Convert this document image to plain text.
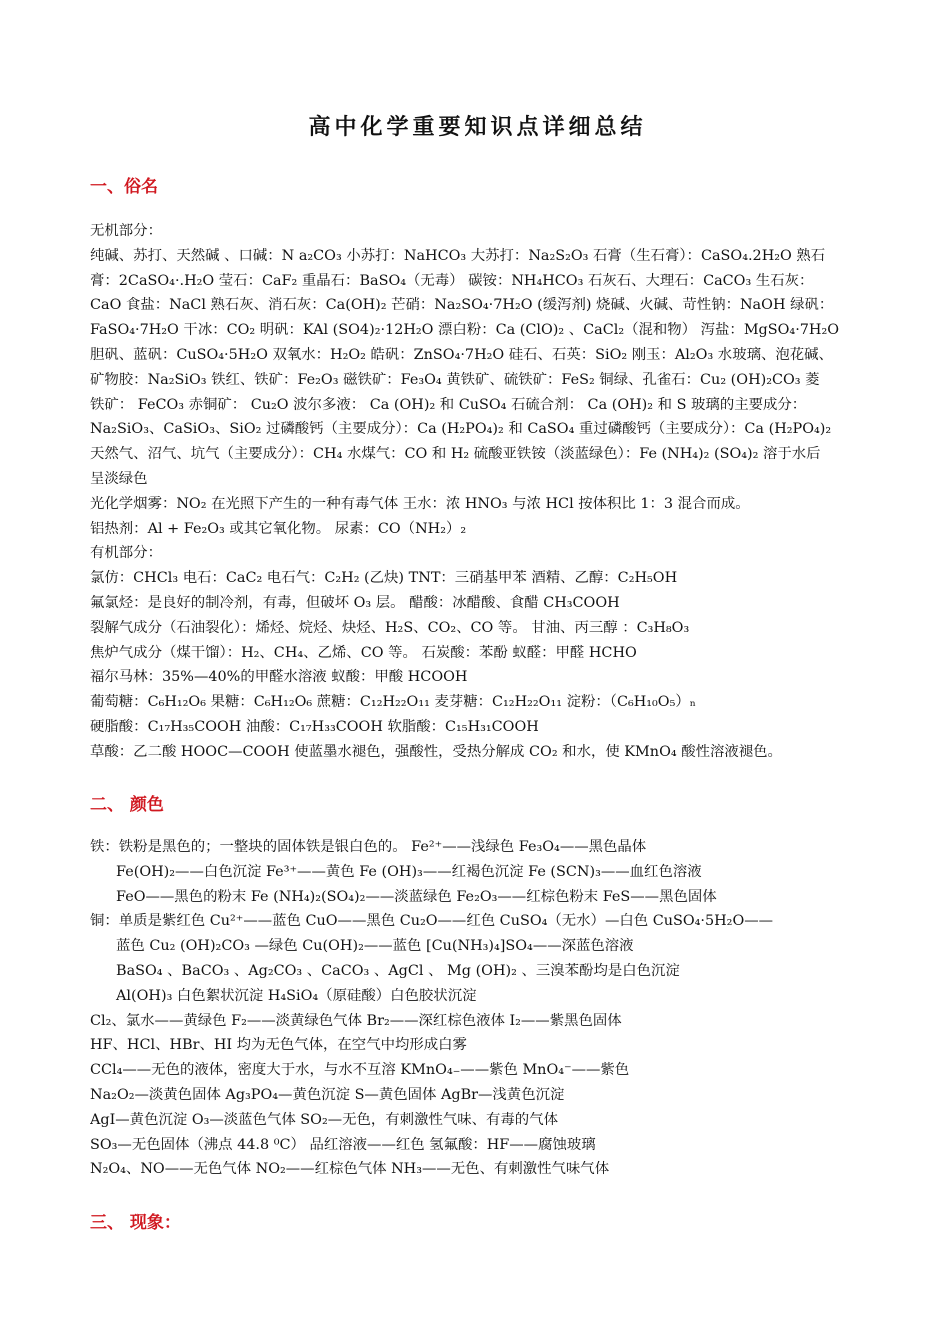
高中化学重要知识点详细总结
一、俗名
无机部分：
纯碱、苏打、天然碱 、口碱：N a₂CO₃ 小苏打：NaHCO₃ 大苏打：Na₂S₂O₃ 石膏（生石膏）：CaSO₄.2H₂O 熟石
膏：2CaSO₄·.H₂O 莹石：CaF₂ 重晶石：BaSO₄（无毒） 碳铵：NH₄HCO₃ 石灰石、大理石：CaCO₃ 生石灰：
CaO 食盐：NaCl 熟石灰、消石灰：Ca(OH)₂ 芒硝：Na₂SO₄·7H₂O (缓泻剂) 烧碱、火碱、苛性钠：NaOH 绿矾：
FaSO₄·7H₂O 干冰：CO₂ 明矾：KAl (SO4)₂·12H₂O 漂白粉：Ca (ClO)₂ 、CaCl₂（混和物） 泻盐：MgSO₄·7H₂O
胆矾、蓝矾：CuSO₄·5H₂O 双氧水：H₂O₂ 皓矾：ZnSO₄·7H₂O 硅石、石英：SiO₂ 刚玉：Al₂O₃ 水玻璃、泡花碱、
矿物胶：Na₂SiO₃ 铁红、铁矿：Fe₂O₃ 磁铁矿：Fe₃O₄ 黄铁矿、硫铁矿：FeS₂ 铜绿、孔雀石：Cu₂ (OH)₂CO₃ 菱
铁矿： FeCO₃ 赤铜矿： Cu₂O 波尔多液： Ca (OH)₂ 和 CuSO₄ 石硫合剂： Ca (OH)₂ 和 S 玻璃的主要成分：
Na₂SiO₃、CaSiO₃、SiO₂ 过磷酸钙（主要成分）：Ca (H₂PO₄)₂ 和 CaSO₄ 重过磷酸钙（主要成分）：Ca (H₂PO₄)₂
天然气、沼气、坑气（主要成分）：CH₄ 水煤气：CO 和 H₂ 硫酸亚铁铵（淡蓝绿色）：Fe (NH₄)₂ (SO₄)₂ 溶于水后
呈淡绿色
光化学烟雾：NO₂ 在光照下产生的一种有毒气体 王水：浓 HNO₃ 与浓 HCl 按体积比 1：3 混合而成。
铝热剂：Al + Fe₂O₃ 或其它氧化物。 尿素：CO（NH₂）₂
有机部分：
氯仿：CHCl₃ 电石：CaC₂ 电石气：C₂H₂ (乙炔) TNT：三硝基甲苯 酒精、乙醇：C₂H₅OH
氟氯烃：是良好的制冷剂，有毒，但破坏 O₃ 层。 醋酸：冰醋酸、食醋 CH₃COOH
裂解气成分（石油裂化）：烯烃、烷烃、炔烃、H₂S、CO₂、CO 等。 甘油、丙三醇 ：C₃H₈O₃
焦炉气成分（煤干馏）：H₂、CH₄、乙烯、CO 等。 石炭酸：苯酚 蚁醛：甲醛 HCHO
福尔马林：35%—40%的甲醛水溶液 蚁酸：甲酸 HCOOH
葡萄糖：C₆H₁₂O₆ 果糖：C₆H₁₂O₆ 蔗糖：C₁₂H₂₂O₁₁ 麦芽糖：C₁₂H₂₂O₁₁ 淀粉：（C₆H₁₀O₅）ₙ
硬脂酸：C₁₇H₃₅COOH 油酸：C₁₇H₃₃COOH 软脂酸：C₁₅H₃₁COOH
草酸：乙二酸 HOOC—COOH 使蓝墨水褪色，强酸性，受热分解成 CO₂ 和水，使 KMnO₄ 酸性溶液褪色。
二、 颜色
铁：铁粉是黑色的；一整块的固体铁是银白色的。 Fe²⁺——浅绿色 Fe₃O₄——黑色晶体
Fe(OH)₂——白色沉淀 Fe³⁺——黄色 Fe (OH)₃——红褐色沉淀 Fe (SCN)₃——血红色溶液
FeO——黑色的粉末 Fe (NH₄)₂(SO₄)₂——淡蓝绿色 Fe₂O₃——红棕色粉末 FeS——黑色固体
铜：单质是紫红色 Cu²⁺——蓝色 CuO——黑色 Cu₂O——红色 CuSO₄（无水）—白色 CuSO₄·5H₂O——
蓝色 Cu₂ (OH)₂CO₃ —绿色 Cu(OH)₂——蓝色 [Cu(NH₃)₄]SO₄——深蓝色溶液
BaSO₄ 、BaCO₃ 、Ag₂CO₃ 、CaCO₃ 、AgCl 、 Mg (OH)₂ 、三溴苯酚均是白色沉淀
Al(OH)₃ 白色絮状沉淀 H₄SiO₄（原硅酸）白色胶状沉淀
Cl₂、氯水——黄绿色 F₂——淡黄绿色气体 Br₂——深红棕色液体 I₂——紫黑色固体
HF、HCl、HBr、HI 均为无色气体，在空气中均形成白雾
CCl₄——无色的液体，密度大于水，与水不互溶 KMnO₄₋——紫色 MnO₄⁻——紫色
Na₂O₂—淡黄色固体 Ag₃PO₄—黄色沉淀 S—黄色固体 AgBr—浅黄色沉淀
AgI—黄色沉淀 O₃—淡蓝色气体 SO₂—无色，有刺激性气味、有毒的气体
SO₃—无色固体（沸点 44.8 ⁰C） 品红溶液——红色 氢氟酸：HF——腐蚀玻璃
N₂O₄、NO——无色气体 NO₂——红棕色气体 NH₃——无色、有刺激性气味气体
三、 现象：
